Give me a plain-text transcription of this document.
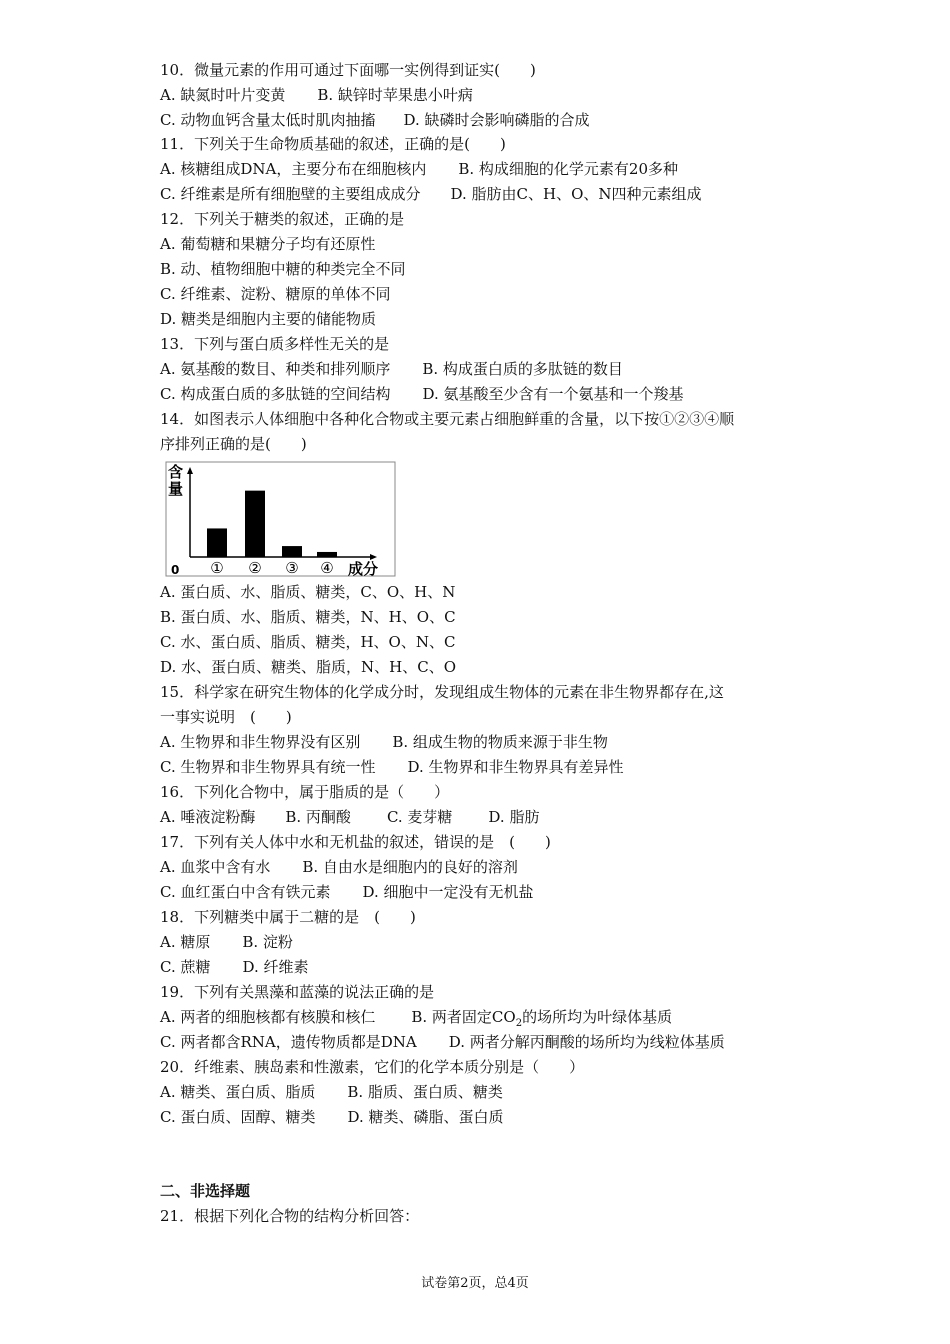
10．微量元素的作用可通过下面哪一实例得到证实(　　)
A. 缺氮时叶片变黄 B. 缺锌时苹果患小叶病
C. 动物血钙含量太低时肌肉抽搐 D. 缺磷时会影响磷脂的合成
11．下列关于生命物质基础的叙述，正确的是(　　)
A. 核糖组成DNA，主要分布在细胞核内 B. 构成细胞的化学元素有20多种
C. 纤维素是所有细胞壁的主要组成成分 D. 脂肪由C、H、O、N四种元素组成
12．下列关于糖类的叙述，正确的是
A. 葡萄糖和果糖分子均有还原性
B. 动、植物细胞中糖的种类完全不同
C. 纤维素、淀粉、糖原的单体不同
D. 糖类是细胞内主要的储能物质
13．下列与蛋白质多样性无关的是
A. 氨基酸的数目、种类和排列顺序 B. 构成蛋白质的多肽链的数目
C. 构成蛋白质的多肽链的空间结构 D. 氨基酸至少含有一个氨基和一个羧基
14．如图表示人体细胞中各种化合物或主要元素占细胞鲜重的含量，以下按①②③④顺
序排列正确的是(　　)
含
量
0	成分
① ② ③ ④
A. 蛋白质、水、脂质、糖类，C、O、H、N
B. 蛋白质、水、脂质、糖类，N、H、O、C
C. 水、蛋白质、脂质、糖类，H、O、N、C
D. 水、蛋白质、糖类、脂质，N、H、C、O
15．科学家在研究生物体的化学成分时，发现组成生物体的元素在非生物界都存在,这
一事实说明　(　　)
A. 生物界和非生物界没有区别 B. 组成生物的物质来源于非生物
C. 生物界和非生物界具有统一性 D. 生物界和非生物界具有差异性
16．下列化合物中，属于脂质的是（　　）
A. 唾液淀粉酶 B. 丙酮酸 C. 麦芽糖 D. 脂肪
17．下列有关人体中水和无机盐的叙述，错误的是　(　　)
A. 血浆中含有水 B. 自由水是细胞内的良好的溶剂
C. 血红蛋白中含有铁元素 D. 细胞中一定没有无机盐
18．下列糖类中属于二糖的是　(　　)
A. 糖原 B. 淀粉
C. 蔗糖 D. 纤维素
19．下列有关黑藻和蓝藻的说法正确的是
A. 两者的细胞核都有核膜和核仁 B. 两者固定$CO_2$的场所均为叶绿体基质
C. 两者都含RNA，遗传物质都是DNA D. 两者分解丙酮酸的场所均为线粒体基质
20．纤维素、胰岛素和性激素，它们的化学本质分别是（　　）
A. 糖类、蛋白质、脂质 B. 脂质、蛋白质、糖类
C. 蛋白质、固醇、糖类 D. 糖类、磷脂、蛋白质
二、非选择题
21．根据下列化合物的结构分析回答：
试卷第2页，总4页
